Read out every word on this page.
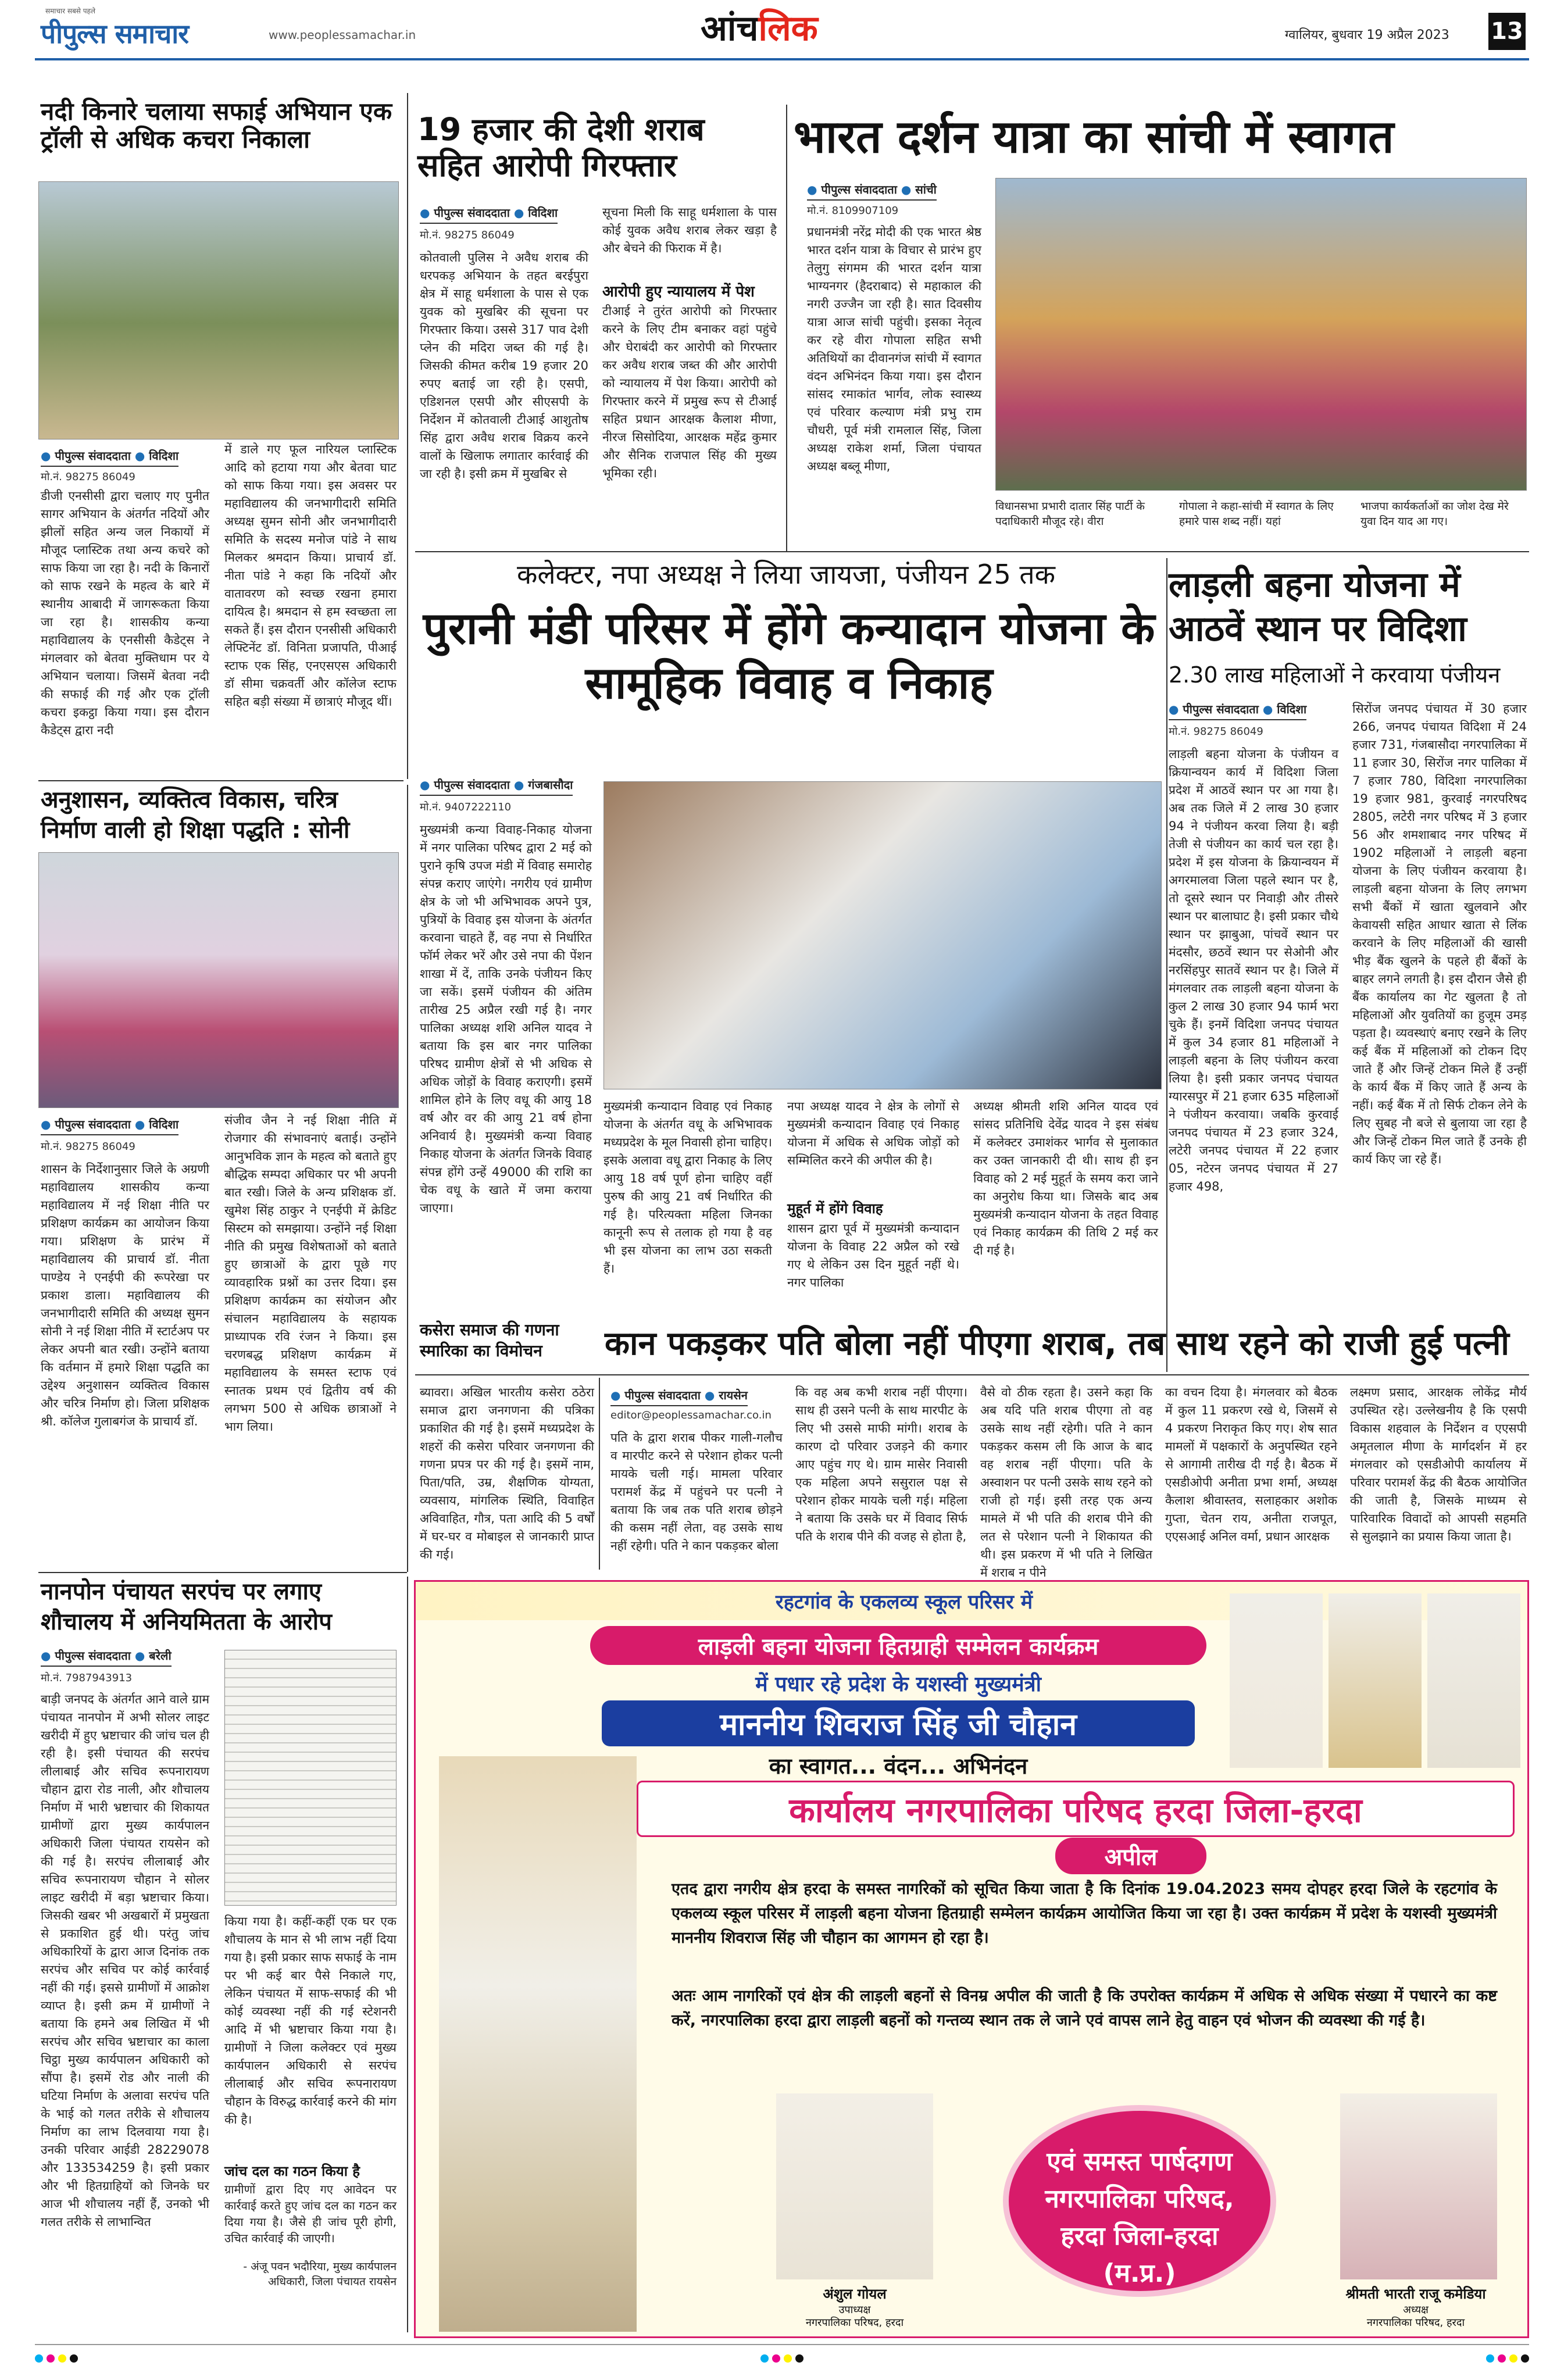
समाचार सबसे पहले
पीपुल्स समाचार	www.peoplessamachar.in	आंचलिक	ग्वालियर, बुधवार 19 अप्रैल 2023 13
नदी किनारे चलाया सफाई अभियान एक ट्रॉली से अधिक कचरा निकाला
● पीपुल्स संवाददाता ● विदिशा
मो.नं. 98275 86049
डीजी एनसीसी द्वारा चलाए गए पुनीत सागर अभियान के अंतर्गत नदियों और झीलों सहित अन्य जल निकायों में मौजूद प्लास्टिक तथा अन्य कचरे को साफ किया जा रहा है। नदी के किनारों को साफ रखने के महत्व के बारे में स्थानीय आबादी में जागरूकता किया जा रहा है। शासकीय कन्या महाविद्यालय के एनसीसी कैडेट्स ने मंगलवार को बेतवा मुक्तिधाम पर ये अभियान चलाया। जिसमें बेतवा नदी की सफाई की गई और एक ट्रॉली कचरा इकट्ठा किया गया। इस दौरान कैडेट्स द्वारा नदी
में डाले गए फूल नारियल प्लास्टिक आदि को हटाया गया और बेतवा घाट को साफ किया गया। इस अवसर पर महाविद्यालय की जनभागीदारी समिति अध्यक्ष सुमन सोनी और जनभागीदारी समिति के सदस्य मनोज पांडे ने साथ मिलकर श्रमदान किया। प्राचार्य डॉ. नीता पांडे ने कहा कि नदियों और वातावरण को स्वच्छ रखना हमारा दायित्व है। श्रमदान से हम स्वच्छता ला सकते हैं। इस दौरान एनसीसी अधिकारी लेफ्टिनेंट डॉ. विनिता प्रजापति, पीआई स्टाफ एक सिंह, एनएसएस अधिकारी डॉ सीमा चक्रवर्ती और कॉलेज स्टाफ सहित बड़ी संख्या में छात्राएं मौजूद थीं।
19 हजार की देशी शराब सहित आरोपी गिरफ्तार
● पीपुल्स संवाददाता ● विदिशा
मो.नं. 98275 86049
कोतवाली पुलिस ने अवैध शराब की धरपकड़ अभियान के तहत बरईपुरा क्षेत्र में साहू धर्मशाला के पास से एक युवक को मुखबिर की सूचना पर गिरफ्तार किया। उससे 317 पाव देशी प्लेन की मदिरा जब्त की गई है। जिसकी कीमत करीब 19 हजार 20 रुपए बताई जा रही है। एसपी, एडिशनल एसपी और सीएसपी के निर्देशन में कोतवाली टीआई आशुतोष सिंह द्वारा अवैध शराब विक्रय करने वालों के खिलाफ लगातार कार्रवाई की जा रही है। इसी क्रम में मुखबिर से
सूचना मिली कि साहू धर्मशाला के पास कोई युवक अवैध शराब लेकर खड़ा है और बेचने की फिराक में है।
आरोपी हुए न्यायालय में पेश
टीआई ने तुरंत आरोपी को गिरफ्तार करने के लिए टीम बनाकर वहां पहुंचे और घेराबंदी कर आरोपी को गिरफ्तार कर अवैध शराब जब्त की और आरोपी को न्यायालय में पेश किया। आरोपी को गिरफ्तार करने में प्रमुख रूप से टीआई सहित प्रधान आरक्षक कैलाश मीणा, नीरज सिसोदिया, आरक्षक महेंद्र कुमार और सैनिक राजपाल सिंह की मुख्य भूमिका रही।
भारत दर्शन यात्रा का सांची में स्वागत
● पीपुल्स संवाददाता ● सांची
मो.नं. 8109907109
प्रधानमंत्री नरेंद्र मोदी की एक भारत श्रेष्ठ भारत दर्शन यात्रा के विचार से प्रारंभ हुए तेलुगु संगमम की भारत दर्शन यात्रा भाग्यनगर (हैदराबाद) से महाकाल की नगरी उज्जैन जा रही है। सात दिवसीय यात्रा आज सांची पहुंची। इसका नेतृत्व कर रहे वीरा गोपाला सहित सभी अतिथियों का दीवानगंज सांची में स्वागत वंदन अभिनंदन किया गया। इस दौरान सांसद रमाकांत भार्गव, लोक स्वास्थ्य एवं परिवार कल्याण मंत्री प्रभु राम चौधरी, पूर्व मंत्री रामलाल सिंह, जिला अध्यक्ष राकेश शर्मा, जिला पंचायत अध्यक्ष बब्लू मीणा,
विधानसभा प्रभारी दातार सिंह पार्टी के पदाधिकारी मौजूद रहे। वीरा
गोपाला ने कहा-सांची में स्वागत के लिए हमारे पास शब्द नहीं। यहां
भाजपा कार्यकर्ताओं का जोश देख मेरे युवा दिन याद आ गए।
अनुशासन, व्यक्तित्व विकास, चरित्र निर्माण वाली हो शिक्षा पद्धति : सोनी
● पीपुल्स संवाददाता ● विदिशा
मो.नं. 98275 86049
शासन के निर्देशानुसार जिले के अग्रणी महाविद्यालय शासकीय कन्या महाविद्यालय में नई शिक्षा नीति पर प्रशिक्षण कार्यक्रम का आयोजन किया गया। प्रशिक्षण के प्रारंभ में महाविद्यालय की प्राचार्य डॉ. नीता पाण्डेय ने एनईपी की रूपरेखा पर प्रकाश डाला। महाविद्यालय की जनभागीदारी समिति की अध्यक्ष सुमन सोनी ने नई शिक्षा नीति में स्टार्टअप पर लेकर अपनी बात रखी। उन्होंने बताया कि वर्तमान में हमारे शिक्षा पद्धति का उद्देश्य अनुशासन व्यक्तित्व विकास और चरित्र निर्माण हो। जिला प्रशिक्षक श्री. कॉलेज गुलाबगंज के प्राचार्य डॉ.
संजीव जैन ने नई शिक्षा नीति में रोजगार की संभावनाएं बताई। उन्होंने आनुभविक ज्ञान के महत्व को बताते हुए बौद्धिक सम्पदा अधिकार पर भी अपनी बात रखी। जिले के अन्य प्रशिक्षक डॉ. खुमेश सिंह ठाकुर ने एनईपी में क्रेडिट सिस्टम को समझाया। उन्होंने नई शिक्षा नीति की प्रमुख विशेषताओं को बताते हुए छात्राओं के द्वारा पूछे गए व्यावहारिक प्रश्नों का उत्तर दिया। इस प्रशिक्षण कार्यक्रम का संयोजन और संचालन महाविद्यालय के सहायक प्राध्यापक रवि रंजन ने किया। इस चरणबद्ध प्रशिक्षण कार्यक्रम में महाविद्यालय के समस्त स्टाफ एवं स्नातक प्रथम एवं द्वितीय वर्ष की लगभग 500 से अधिक छात्राओं ने भाग लिया।
कलेक्टर, नपा अध्यक्ष ने लिया जायजा, पंजीयन 25 तक
पुरानी मंडी परिसर में होंगे कन्यादान योजना के सामूहिक विवाह व निकाह
● पीपुल्स संवाददाता ● गंजबासौदा
मो.नं. 9407222110
मुख्यमंत्री कन्यादान विवाह एवं निकाह योजना के अंतर्गत वधू के अभिभावक मध्यप्रदेश के मूल निवासी होना चाहिए। इसके अलावा वधू द्वारा निकाह के लिए आयु 18 वर्ष पूर्ण होना चाहिए वहीं पुरुष की आयु 21 वर्ष निर्धारित की गई है। परित्यक्ता महिला जिनका कानूनी रूप से तलाक हो गया है वह भी इस योजना का लाभ उठा सकती हैं।
मुख्यमंत्री कन्या विवाह-निकाह योजना में नगर पालिका परिषद द्वारा 2 मई को पुराने कृषि उपज मंडी में विवाह समारोह संपन्न कराए जाएंगे। नगरीय एवं ग्रामीण क्षेत्र के जो भी अभिभावक अपने पुत्र, पुत्रियों के विवाह इस योजना के अंतर्गत करवाना चाहते हैं, वह नपा से निर्धारित फॉर्म लेकर भरें और उसे नपा की पेंशन शाखा में दें, ताकि उनके पंजीयन किए जा सकें। इसमें पंजीयन की अंतिम तारीख 25 अप्रैल रखी गई है। नगर पालिका अध्यक्ष शशि अनिल यादव ने बताया कि इस बार नगर पालिका परिषद ग्रामीण क्षेत्रों से भी अधिक से अधिक जोड़ों के विवाह कराएगी। इसमें शामिल होने के लिए वधू की आयु 18 वर्ष और वर की आयु 21 वर्ष होना अनिवार्य है। मुख्यमंत्री कन्या विवाह निकाह योजना के अंतर्गत जिनके विवाह संपन्न होंगे उन्हें 49000 की राशि का चेक वधू के खाते में जमा कराया जाएगा।
नपा अध्यक्ष यादव ने क्षेत्र के लोगों से मुख्यमंत्री कन्यादान विवाह एवं निकाह योजना में अधिक से अधिक जोड़ों को सम्मिलित करने की अपील की है।
मुहूर्त में होंगे विवाह
शासन द्वारा पूर्व में मुख्यमंत्री कन्यादान योजना के विवाह 22 अप्रैल को रखे गए थे लेकिन उस दिन मुहूर्त नहीं थे। नगर पालिका
अध्यक्ष श्रीमती शशि अनिल यादव एवं सांसद प्रतिनिधि देवेंद्र यादव ने इस संबंध में कलेक्टर उमाशंकर भार्गव से मुलाकात कर उक्त जानकारी दी थी। साथ ही इन विवाह को 2 मई मुहूर्त के समय करा जाने का अनुरोध किया था। जिसके बाद अब मुख्यमंत्री कन्यादान योजना के तहत विवाह एवं निकाह कार्यक्रम की तिथि 2 मई कर दी गई है।
लाड़ली बहना योजना में आठवें स्थान पर विदिशा
2.30 लाख महिलाओं ने करवाया पंजीयन
● पीपुल्स संवाददाता ● विदिशा
मो.नं. 98275 86049
लाड़ली बहना योजना के पंजीयन व क्रियान्वयन कार्य में विदिशा जिला प्रदेश में आठवें स्थान पर आ गया है। अब तक जिले में 2 लाख 30 हजार 94 ने पंजीयन करवा लिया है। बड़ी तेजी से पंजीयन का कार्य चल रहा है। प्रदेश में इस योजना के क्रियान्वयन में अगरमालवा जिला पहले स्थान पर है, तो दूसरे स्थान पर निवाड़ी और तीसरे स्थान पर बालाघाट है। इसी प्रकार चौथे स्थान पर झाबुआ, पांचवें स्थान पर मंदसौर, छठवें स्थान पर सेओनी और नरसिंहपुर सातवें स्थान पर है। जिले में मंगलवार तक लाड़ली बहना योजना के कुल 2 लाख 30 हजार 94 फार्म भरा चुके हैं। इनमें विदिशा जनपद पंचायत में कुल 34 हजार 81 महिलाओं ने लाड़ली बहना के लिए पंजीयन करवा लिया है। इसी प्रकार जनपद पंचायत ग्यारसपुर में 21 हजार 635 महिलाओं ने पंजीयन करवाया। जबकि कुरवाई जनपद पंचायत में 23 हजार 324, लटेरी जनपद पंचायत में 22 हजार 05, नटेरन जनपद पंचायत में 27 हजार 498,
सिरोंज जनपद पंचायत में 30 हजार 266, जनपद पंचायत विदिशा में 24 हजार 731, गंजबासौदा नगरपालिका में 11 हजार 30, सिरोंज नगर पालिका में 7 हजार 780, विदिशा नगरपालिका 19 हजार 981, कुरवाई नगरपरिषद 2805, लटेरी नगर परिषद में 3 हजार 56 और शमशाबाद नगर परिषद में 1902 महिलाओं ने लाड़ली बहना योजना के लिए पंजीयन करवाया है। लाड़ली बहना योजना के लिए लगभग सभी बैंकों में खाता खुलवाने और केवायसी सहित आधार खाता से लिंक करवाने के लिए महिलाओं की खासी भीड़ बैंक खुलने के पहले ही बैंकों के बाहर लगने लगती है। इस दौरान जैसे ही बैंक कार्यालय का गेट खुलता है तो महिलाओं और युवतियों का हुजूम उमड़ पड़ता है। व्यवस्थाएं बनाए रखने के लिए कई बैंक में महिलाओं को टोकन दिए जाते हैं और जिन्हें टोकन मिले हैं उन्हीं के कार्य बैंक में किए जाते हैं अन्य के नहीं। कई बैंक में तो सिर्फ टोकन लेने के लिए सुबह नौ बजे से बुलाया जा रहा है और जिन्हें टोकन मिल जाते हैं उनके ही कार्य किए जा रहे हैं।
कसेरा समाज की गणना स्मारिका का विमोचन
ब्यावरा। अखिल भारतीय कसेरा ठठेरा समाज द्वारा जनगणना की पत्रिका प्रकाशित की गई है। इसमें मध्यप्रदेश के शहरों की कसेरा परिवार जनगणना की गणना प्रपत्र पर की गई है। इसमें नाम, पिता/पति, उम्र, शैक्षणिक योग्यता, व्यवसाय, मांगलिक स्थिति, विवाहित अविवाहित, गौत्र, पता आदि की 5 वर्षों में घर-घर व मोबाइल से जानकारी प्राप्त की गई।
कान पकड़कर पति बोला नहीं पीएगा शराब, तब साथ रहने को राजी हुई पत्नी
● पीपुल्स संवाददाता ● रायसेन
editor@peoplessamachar.co.in
पति के द्वारा शराब पीकर गाली-गलौच व मारपीट करने से परेशान होकर पत्नी मायके चली गई। मामला परिवार परामर्श केंद्र में पहुंचने पर पत्नी ने बताया कि जब तक पति शराब छोड़ने की कसम नहीं लेता, वह उसके साथ नहीं रहेगी। पति ने कान पकड़कर बोला
कि वह अब कभी शराब नहीं पीएगा। साथ ही उसने पत्नी के साथ मारपीट के लिए भी उससे माफी मांगी। शराब के कारण दो परिवार उजड़ने की कगार आए पहुंच गए थे। ग्राम मासेर निवासी एक महिला अपने ससुराल पक्ष से परेशान होकर मायके चली गई। महिला ने बताया कि उसके घर में विवाद सिर्फ पति के शराब पीने की वजह से होता है,
वैसे वो ठीक रहता है। उसने कहा कि अब यदि पति शराब पीएगा तो वह उसके साथ नहीं रहेगी। पति ने कान पकड़कर कसम ली कि आज के बाद वह शराब नहीं पीएगा। पति के अस्वाशन पर पत्नी उसके साथ रहने को राजी हो गई। इसी तरह एक अन्य मामले में भी पति की शराब पीने की लत से परेशान पत्नी ने शिकायत की थी। इस प्रकरण में भी पति ने लिखित में शराब न पीने
का वचन दिया है। मंगलवार को बैठक में कुल 11 प्रकरण रखे थे, जिसमें से 4 प्रकरण निराकृत किए गए। शेष सात मामलों में पक्षकारों के अनुपस्थित रहने से आगामी तारीख दी गई है। बैठक में एसडीओपी अनीता प्रभा शर्मा, अध्यक्ष कैलाश श्रीवास्तव, सलाहकार अशोक गुप्ता, चेतन राय, अनीता राजपूत, एएसआई अनिल वर्मा, प्रधान आरक्षक
लक्ष्मण प्रसाद, आरक्षक लोकेंद्र मौर्य उपस्थित रहे। उल्लेखनीय है कि एसपी विकास शहवाल के निर्देशन व एएसपी अमृतलाल मीणा के मार्गदर्शन में हर मंगलवार को एसडीओपी कार्यालय में परिवार परामर्श केंद्र की बैठक आयोजित की जाती है, जिसके माध्यम से पारिवारिक विवादों को आपसी सहमति से सुलझाने का प्रयास किया जाता है।
नानपोन पंचायत सरपंच पर लगाए शौचालय में अनियमितता के आरोप
● पीपुल्स संवाददाता ● बरेली
मो.नं. 7987943913
बाड़ी जनपद के अंतर्गत आने वाले ग्राम पंचायत नानपोन में अभी सोलर लाइट खरीदी में हुए भ्रष्टाचार की जांच चल ही रही है। इसी पंचायत की सरपंच लीलाबाई और सचिव रूपनारायण चौहान द्वारा रोड नाली, और शौचालय निर्माण में भारी भ्रष्टाचार की शिकायत ग्रामीणों द्वारा मुख्य कार्यपालन अधिकारी जिला पंचायत रायसेन को की गई है। सरपंच लीलाबाई और सचिव रूपनारायण चौहान ने सोलर लाइट खरीदी में बड़ा भ्रष्टाचार किया। जिसकी खबर भी अखबारों में प्रमुखता से प्रकाशित हुई थी। परंतु जांच अधिकारियों के द्वारा आज दिनांक तक सरपंच और सचिव पर कोई कार्रवाई नहीं की गई। इससे ग्रामीणों में आक्रोश व्याप्त है। इसी क्रम में ग्रामीणों ने बताया कि हमने अब लिखित में भी सरपंच और सचिव भ्रष्टाचार का काला चिट्ठा मुख्य कार्यपालन अधिकारी को सौंपा है। इसमें रोड और नाली की घटिया निर्माण के अलावा सरपंच पति के भाई को गलत तरीके से शौचालय निर्माण का लाभ दिलवाया गया है। उनकी परिवार आईडी 28229078 और 133534259 है। इसी प्रकार और भी हितग्राहियों को जिनके घर आज भी शौचालय नहीं हैं, उनको भी गलत तरीके से लाभान्वित
किया गया है। कहीं-कहीं एक घर एक शौचालय के मान से भी लाभ नहीं दिया गया है। इसी प्रकार साफ सफाई के नाम पर भी कई बार पैसे निकाले गए, लेकिन पंचायत में साफ-सफाई की भी कोई व्यवस्था नहीं की गई स्टेशनरी आदि में भी भ्रष्टाचार किया गया है। ग्रामीणों ने जिला कलेक्टर एवं मुख्य कार्यपालन अधिकारी से सरपंच लीलाबाई और सचिव रूपनारायण चौहान के विरुद्ध कार्रवाई करने की मांग की है।
जांच दल का गठन किया है
ग्रामीणों द्वारा दिए गए आवेदन पर कार्रवाई करते हुए जांच दल का गठन कर दिया गया है। जैसे ही जांच पूरी होगी, उचित कार्रवाई की जाएगी।
- अंजू पवन भदौरिया, मुख्य कार्यपालन अधिकारी, जिला पंचायत रायसेन
रहटगांव के एकलव्य स्कूल परिसर में
लाड़ली बहना योजना हितग्राही सम्मेलन कार्यक्रम
में पधार रहे प्रदेश के यशस्वी मुख्यमंत्री
माननीय शिवराज सिंह जी चौहान
का स्वागत... वंदन... अभिनंदन
कार्यालय नगरपालिका परिषद हरदा जिला-हरदा
अपील
एतद द्वारा नगरीय क्षेत्र हरदा के समस्त नागरिकों को सूचित किया जाता है कि दिनांक 19.04.2023 समय दोपहर हरदा जिले के रहटगांव के एकलव्य स्कूल परिसर में लाड़ली बहना योजना हितग्राही सम्मेलन कार्यक्रम आयोजित किया जा रहा है। उक्त कार्यक्रम में प्रदेश के यशस्वी मुख्यमंत्री माननीय शिवराज सिंह जी चौहान का आगमन हो रहा है।
अतः आम नागरिकों एवं क्षेत्र की लाड़ली बहनों से विनम्र अपील की जाती है कि उपरोक्त कार्यक्रम में अधिक से अधिक संख्या में पधारने का कष्ट करें, नगरपालिका हरदा द्वारा लाड़ली बहनों को गन्तव्य स्थान तक ले जाने एवं वापस लाने हेतु वाहन एवं भोजन की व्यवस्था की गई है।
अंशुल गोयल
उपाध्यक्ष
नगरपालिका परिषद, हरदा
एवं समस्त पार्षदगण नगरपालिका परिषद, हरदा जिला-हरदा (म.प्र.)
श्रीमती भारती राजू कमेडिया
अध्यक्ष
नगरपालिका परिषद, हरदा
